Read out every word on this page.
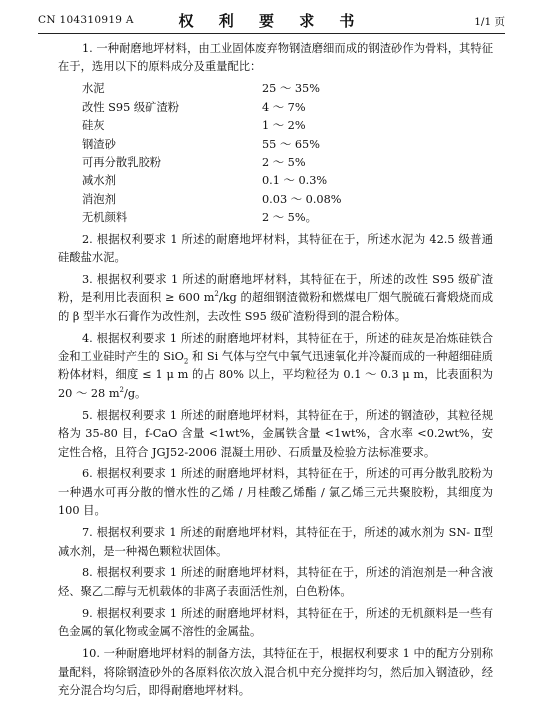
CN 104310919 A	权 利 要 求 书	1/1 页

1. 一种耐磨地坪材料，由工业固体废弃物钢渣磨细而成的钢渣砂作为骨料，其特征在于，选用以下的原料成分及重量配比：

水泥	25 ～ 35%
改性 S95 级矿渣粉	4 ～ 7%
硅灰	1 ～ 2%
钢渣砂	55 ～ 65%
可再分散乳胶粉	2 ～ 5%
减水剂	0.1 ～ 0.3%
消泡剂	0.03 ～ 0.08%
无机颜料	2 ～ 5%。

2. 根据权利要求 1 所述的耐磨地坪材料，其特征在于，所述水泥为 42.5 级普通硅酸盐水泥。

3. 根据权利要求 1 所述的耐磨地坪材料，其特征在于，所述的改性 S95 级矿渣粉，是利用比表面积 ≥ 600 $m^2/kg$ 的超细钢渣微粉和燃煤电厂烟气脱硫石膏煅烧而成的 β 型半水石膏作为改性剂，去改性 S95 级矿渣粉得到的混合粉体。

4. 根据权利要求 1 所述的耐磨地坪材料，其特征在于，所述的硅灰是冶炼硅铁合金和工业硅时产生的 SiO$_2$ 和 Si 气体与空气中氧气迅速氧化并冷凝而成的一种超细硅质粉体材料，细度 ≤ 1 μ m 的占 80% 以上，平均粒径为 0.1 ～ 0.3 μ m，比表面积为 20 ～ 28 $m^2/g$。

5. 根据权利要求 1 所述的耐磨地坪材料，其特征在于，所述的钢渣砂，其粒径规格为 35-80 目，f-CaO 含量 <1wt%，金属铁含量 <1wt%，含水率 <0.2wt%，安定性合格，且符合 JGJ52-2006 混凝土用砂、石质量及检验方法标准要求。

6. 根据权利要求 1 所述的耐磨地坪材料，其特征在于，所述的可再分散乳胶粉为一种遇水可再分散的憎水性的乙烯 / 月桂酸乙烯酯 / 氯乙烯三元共聚胶粉，其细度为 100 目。

7. 根据权利要求 1 所述的耐磨地坪材料，其特征在于，所述的减水剂为 SN- Ⅱ型减水剂，是一种褐色颗粒状固体。

8. 根据权利要求 1 所述的耐磨地坪材料，其特征在于，所述的消泡剂是一种含液烃、聚乙二醇与无机载体的非离子表面活性剂，白色粉体。

9. 根据权利要求 1 所述的耐磨地坪材料，其特征在于，所述的无机颜料是一些有色金属的氧化物或金属不溶性的金属盐。

10. 一种耐磨地坪材料的制备方法，其特征在于，根据权利要求 1 中的配方分别称量配料，将除钢渣砂外的各原料依次放入混合机中充分搅拌均匀，然后加入钢渣砂，经充分混合均匀后，即得耐磨地坪材料。
